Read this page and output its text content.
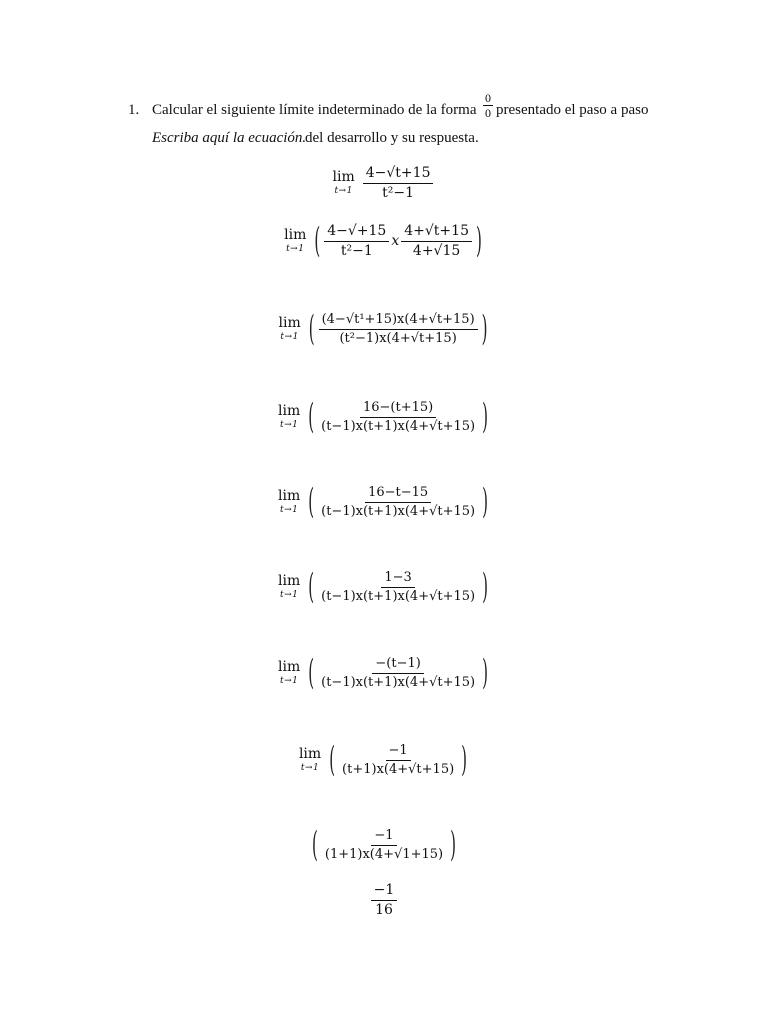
1. Calcular el siguiente límite indeterminado de la forma $\frac{0}{0}$ presentado el paso a paso
Escriba aquí la ecuación.
del desarrollo y su respuesta.
lim
$t\to 1 \frac{4-√t+15}{\text{t²−1}}$
lim
t→1 ( $\frac{4-√+15}{\text{t²−1}}$ x $\frac{4+√t+15}{4+√15}$ )
lim
t→1 ( $\frac{\text{(4−√t¹+15)x(4+√t+15)}}{\text{(t²−1)x(4+√t+15)}}$ )
lim
t→1 ( $\frac{16-(t+15)}{(t-1)x(t+1)x(4+√t+15)}$ )
lim
t→1 ( $\frac{16-t-15}{(t-1)x(t+1)x(4+√t+15)}$ )
lim
t→1 ( $\frac{1-3}{(t-1)x(t+1)x(4+√t+15)}$ )
lim
t→1 ( $\frac{-(t-1)}{(t-1)x(t+1)x(4+√t+15)}$ )
lim
t→1 ( $\frac{-1}{(t+1)x(4+√t+15)}$ )
( $\frac{-1}{(1+1)x(4+√1+15)}$ )
$\frac{-1}{16}$
